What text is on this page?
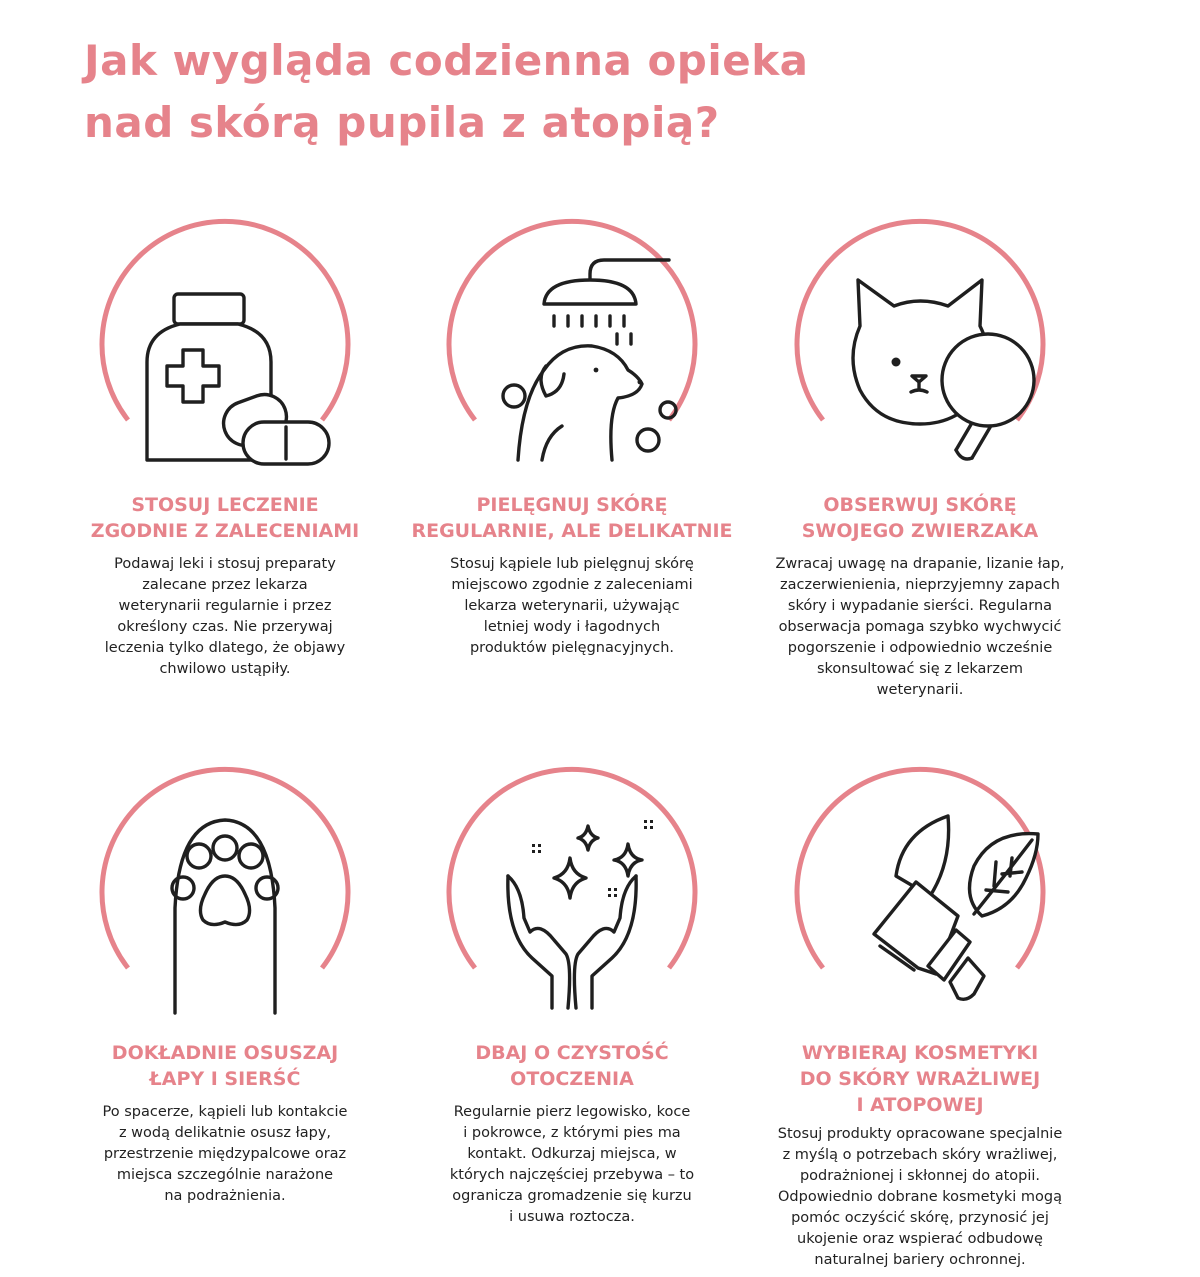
Jak wygląda codzienna opieka
nad skórą pupila z atopią?
STOSUJ LECZENIE
ZGODNIE Z ZALECENIAMI

Podawaj leki i stosuj preparaty
zalecane przez lekarza
weterynarii regularnie i przez
określony czas. Nie przerywaj
leczenia tylko dlatego, że objawy
chwilowo ustąpiły.

PIELĘGNUJ SKÓRĘ
REGULARNIE, ALE DELIKATNIE

Stosuj kąpiele lub pielęgnuj skórę
miejscowo zgodnie z zaleceniami
lekarza weterynarii, używając
letniej wody i łagodnych
produktów pielęgnacyjnych.

OBSERWUJ SKÓRĘ
SWOJEGO ZWIERZAKA

Zwracaj uwagę na drapanie, lizanie łap,
zaczerwienienia, nieprzyjemny zapach
skóry i wypadanie sierści. Regularna
obserwacja pomaga szybko wychwycić
pogorszenie i odpowiednio wcześnie
skonsultować się z lekarzem
weterynarii.

DOKŁADNIE OSUSZAJ
ŁAPY I SIERŚĆ

Po spacerze, kąpieli lub kontakcie
z wodą delikatnie osusz łapy,
przestrzenie międzypalcowe oraz
miejsca szczególnie narażone
na podrażnienia.

DBAJ O CZYSTOŚĆ
OTOCZENIA

Regularnie pierz legowisko, koce
i pokrowce, z którymi pies ma
kontakt. Odkurzaj miejsca, w
których najczęściej przebywa – to
ogranicza gromadzenie się kurzu
i usuwa roztocza.

WYBIERAJ KOSMETYKI
DO SKÓRY WRAŻLIWEJ
I ATOPOWEJ

Stosuj produkty opracowane specjalnie
z myślą o potrzebach skóry wrażliwej,
podrażnionej i skłonnej do atopii.
Odpowiednio dobrane kosmetyki mogą
pomóc oczyścić skórę, przynosić jej
ukojenie oraz wspierać odbudowę
naturalnej bariery ochronnej.
